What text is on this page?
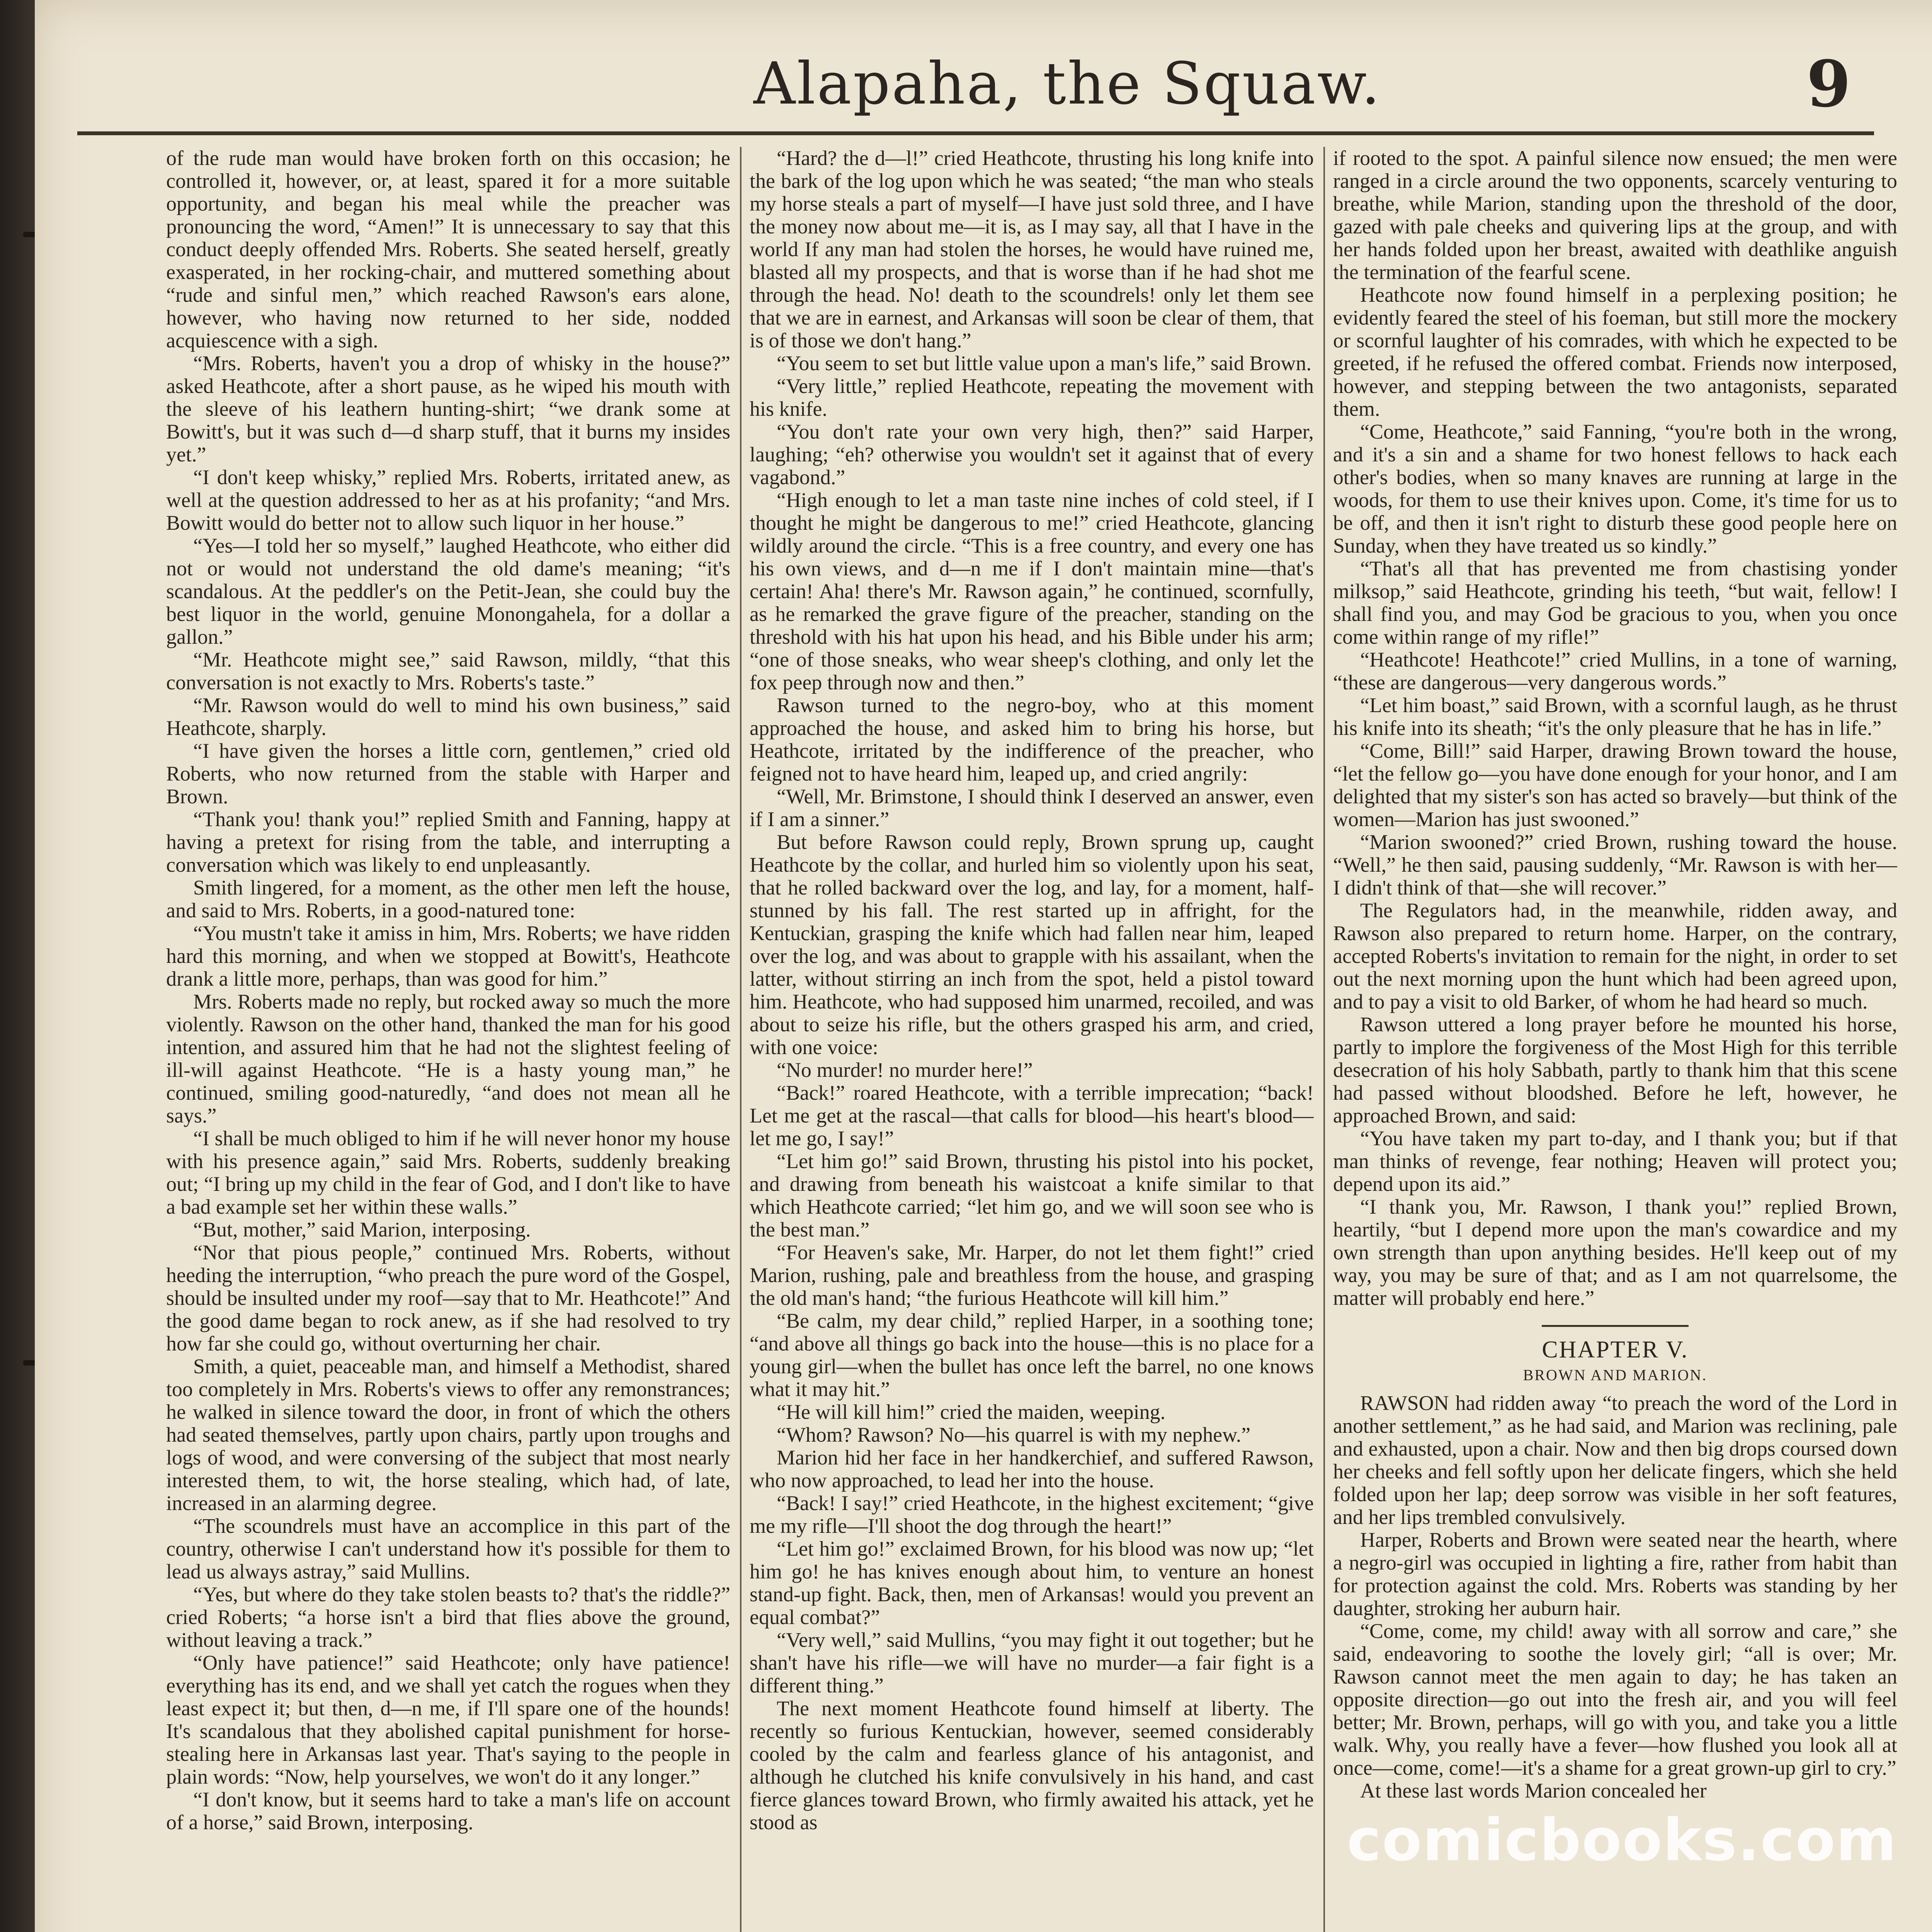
Alapaha, the Squaw.	9

of the rude man would have broken forth on this occasion; he controlled it, however, or, at least, spared it for a more suitable opportunity, and began his meal while the preacher was pronouncing the word, “Amen!” It is unnecessary to say that this conduct deeply offended Mrs. Roberts. She seated herself, greatly exasperated, in her rocking-chair, and muttered something about “rude and sinful men,” which reached Rawson's ears alone, however, who having now returned to her side, nodded acquiescence with a sigh.

“Mrs. Roberts, haven't you a drop of whisky in the house?” asked Heathcote, after a short pause, as he wiped his mouth with the sleeve of his leathern hunting-shirt; “we drank some at Bowitt's, but it was such d—d sharp stuff, that it burns my insides yet.”

“I don't keep whisky,” replied Mrs. Roberts, irritated anew, as well at the question addressed to her as at his profanity; “and Mrs. Bowitt would do better not to allow such liquor in her house.”

“Yes—I told her so myself,” laughed Heathcote, who either did not or would not understand the old dame's meaning; “it's scandalous. At the peddler's on the Petit-Jean, she could buy the best liquor in the world, genuine Monongahela, for a dollar a gallon.”

“Mr. Heathcote might see,” said Rawson, mildly, “that this conversation is not exactly to Mrs. Roberts's taste.”

“Mr. Rawson would do well to mind his own business,” said Heathcote, sharply.

“I have given the horses a little corn, gentlemen,” cried old Roberts, who now returned from the stable with Harper and Brown.

“Thank you! thank you!” replied Smith and Fanning, happy at having a pretext for rising from the table, and interrupting a conversation which was likely to end unpleasantly.

Smith lingered, for a moment, as the other men left the house, and said to Mrs. Roberts, in a good-natured tone:

“You mustn't take it amiss in him, Mrs. Roberts; we have ridden hard this morning, and when we stopped at Bowitt's, Heathcote drank a little more, perhaps, than was good for him.”

Mrs. Roberts made no reply, but rocked away so much the more violently. Rawson on the other hand, thanked the man for his good intention, and assured him that he had not the slightest feeling of ill-will against Heathcote. “He is a hasty young man,” he continued, smiling good-naturedly, “and does not mean all he says.”

“I shall be much obliged to him if he will never honor my house with his presence again,” said Mrs. Roberts, suddenly breaking out; “I bring up my child in the fear of God, and I don't like to have a bad example set her within these walls.”

“But, mother,” said Marion, interposing.

“Nor that pious people,” continued Mrs. Roberts, without heeding the interruption, “who preach the pure word of the Gospel, should be insulted under my roof—say that to Mr. Heathcote!” And the good dame began to rock anew, as if she had resolved to try how far she could go, without overturning her chair.

Smith, a quiet, peaceable man, and himself a Methodist, shared too completely in Mrs. Roberts's views to offer any remonstrances; he walked in silence toward the door, in front of which the others had seated themselves, partly upon chairs, partly upon troughs and logs of wood, and were conversing of the subject that most nearly interested them, to wit, the horse stealing, which had, of late, increased in an alarming degree.

“The scoundrels must have an accomplice in this part of the country, otherwise I can't understand how it's possible for them to lead us always astray,” said Mullins.

“Yes, but where do they take stolen beasts to? that's the riddle?” cried Roberts; “a horse isn't a bird that flies above the ground, without leaving a track.”

“Only have patience!” said Heathcote; only have patience! everything has its end, and we shall yet catch the rogues when they least expect it; but then, d—n me, if I'll spare one of the hounds! It's scandalous that they abolished capital punishment for horse-stealing here in Arkansas last year. That's saying to the people in plain words: “Now, help yourselves, we won't do it any longer.”

“I don't know, but it seems hard to take a man's life on account of a horse,” said Brown, interposing.

“Hard? the d—l!” cried Heathcote, thrusting his long knife into the bark of the log upon which he was seated; “the man who steals my horse steals a part of myself—I have just sold three, and I have the money now about me—it is, as I may say, all that I have in the world If any man had stolen the horses, he would have ruined me, blasted all my prospects, and that is worse than if he had shot me through the head. No! death to the scoundrels! only let them see that we are in earnest, and Arkansas will soon be clear of them, that is of those we don't hang.”

“You seem to set but little value upon a man's life,” said Brown.

“Very little,” replied Heathcote, repeating the movement with his knife.

“You don't rate your own very high, then?” said Harper, laughing; “eh? otherwise you wouldn't set it against that of every vagabond.”

“High enough to let a man taste nine inches of cold steel, if I thought he might be dangerous to me!” cried Heathcote, glancing wildly around the circle. “This is a free country, and every one has his own views, and d—n me if I don't maintain mine—that's certain! Aha! there's Mr. Rawson again,” he continued, scornfully, as he remarked the grave figure of the preacher, standing on the threshold with his hat upon his head, and his Bible under his arm; “one of those sneaks, who wear sheep's clothing, and only let the fox peep through now and then.”

Rawson turned to the negro-boy, who at this moment approached the house, and asked him to bring his horse, but Heathcote, irritated by the indifference of the preacher, who feigned not to have heard him, leaped up, and cried angrily:

“Well, Mr. Brimstone, I should think I deserved an answer, even if I am a sinner.”

But before Rawson could reply, Brown sprung up, caught Heathcote by the collar, and hurled him so violently upon his seat, that he rolled backward over the log, and lay, for a moment, half-stunned by his fall. The rest started up in affright, for the Kentuckian, grasping the knife which had fallen near him, leaped over the log, and was about to grapple with his assailant, when the latter, without stirring an inch from the spot, held a pistol toward him. Heathcote, who had supposed him unarmed, recoiled, and was about to seize his rifle, but the others grasped his arm, and cried, with one voice:

“No murder! no murder here!”

“Back!” roared Heathcote, with a terrible imprecation; “back! Let me get at the rascal—that calls for blood—his heart's blood—let me go, I say!”

“Let him go!” said Brown, thrusting his pistol into his pocket, and drawing from beneath his waistcoat a knife similar to that which Heathcote carried; “let him go, and we will soon see who is the best man.”

“For Heaven's sake, Mr. Harper, do not let them fight!” cried Marion, rushing, pale and breathless from the house, and grasping the old man's hand; “the furious Heathcote will kill him.”

“Be calm, my dear child,” replied Harper, in a soothing tone; “and above all things go back into the house—this is no place for a young girl—when the bullet has once left the barrel, no one knows what it may hit.”

“He will kill him!” cried the maiden, weeping.

“Whom? Rawson? No—his quarrel is with my nephew.”

Marion hid her face in her handkerchief, and suffered Rawson, who now approached, to lead her into the house.

“Back! I say!” cried Heathcote, in the highest excitement; “give me my rifle—I'll shoot the dog through the heart!”

“Let him go!” exclaimed Brown, for his blood was now up; “let him go! he has knives enough about him, to venture an honest stand-up fight. Back, then, men of Arkansas! would you prevent an equal combat?”

“Very well,” said Mullins, “you may fight it out together; but he shan't have his rifle—we will have no murder—a fair fight is a different thing.”

The next moment Heathcote found himself at liberty. The recently so furious Kentuckian, however, seemed considerably cooled by the calm and fearless glance of his antagonist, and although he clutched his knife convulsively in his hand, and cast fierce glances toward Brown, who firmly awaited his attack, yet he stood as

if rooted to the spot. A painful silence now ensued; the men were ranged in a circle around the two opponents, scarcely venturing to breathe, while Marion, standing upon the threshold of the door, gazed with pale cheeks and quivering lips at the group, and with her hands folded upon her breast, awaited with deathlike anguish the termination of the fearful scene.

Heathcote now found himself in a perplexing position; he evidently feared the steel of his foeman, but still more the mockery or scornful laughter of his comrades, with which he expected to be greeted, if he refused the offered combat. Friends now interposed, however, and stepping between the two antagonists, separated them.

“Come, Heathcote,” said Fanning, “you're both in the wrong, and it's a sin and a shame for two honest fellows to hack each other's bodies, when so many knaves are running at large in the woods, for them to use their knives upon. Come, it's time for us to be off, and then it isn't right to disturb these good people here on Sunday, when they have treated us so kindly.”

“That's all that has prevented me from chastising yonder milksop,” said Heathcote, grinding his teeth, “but wait, fellow! I shall find you, and may God be gracious to you, when you once come within range of my rifle!”

“Heathcote! Heathcote!” cried Mullins, in a tone of warning, “these are dangerous—very dangerous words.”

“Let him boast,” said Brown, with a scornful laugh, as he thrust his knife into its sheath; “it's the only pleasure that he has in life.”

“Come, Bill!” said Harper, drawing Brown toward the house, “let the fellow go—you have done enough for your honor, and I am delighted that my sister's son has acted so bravely—but think of the women—Marion has just swooned.”

“Marion swooned?” cried Brown, rushing toward the house. “Well,” he then said, pausing suddenly, “Mr. Rawson is with her—I didn't think of that—she will recover.”

The Regulators had, in the meanwhile, ridden away, and Rawson also prepared to return home. Harper, on the contrary, accepted Roberts's invitation to remain for the night, in order to set out the next morning upon the hunt which had been agreed upon, and to pay a visit to old Barker, of whom he had heard so much.

Rawson uttered a long prayer before he mounted his horse, partly to implore the forgiveness of the Most High for this terrible desecration of his holy Sabbath, partly to thank him that this scene had passed without bloodshed. Before he left, however, he approached Brown, and said:

“You have taken my part to-day, and I thank you; but if that man thinks of revenge, fear nothing; Heaven will protect you; depend upon its aid.”

“I thank you, Mr. Rawson, I thank you!” replied Brown, heartily, “but I depend more upon the man's cowardice and my own strength than upon anything besides. He'll keep out of my way, you may be sure of that; and as I am not quarrelsome, the matter will probably end here.”

CHAPTER V.
BROWN AND MARION.

RAWSON had ridden away “to preach the word of the Lord in another settlement,” as he had said, and Marion was reclining, pale and exhausted, upon a chair. Now and then big drops coursed down her cheeks and fell softly upon her delicate fingers, which she held folded upon her lap; deep sorrow was visible in her soft features, and her lips trembled convulsively.

Harper, Roberts and Brown were seated near the hearth, where a negro-girl was occupied in lighting a fire, rather from habit than for protection against the cold. Mrs. Roberts was standing by her daughter, stroking her auburn hair.

“Come, come, my child! away with all sorrow and care,” she said, endeavoring to soothe the lovely girl; “all is over; Mr. Rawson cannot meet the men again to day; he has taken an opposite direction—go out into the fresh air, and you will feel better; Mr. Brown, perhaps, will go with you, and take you a little walk. Why, you really have a fever—how flushed you look all at once—come, come!—it's a shame for a great grown-up girl to cry.”

At these last words Marion concealed her

comicbooks.com
